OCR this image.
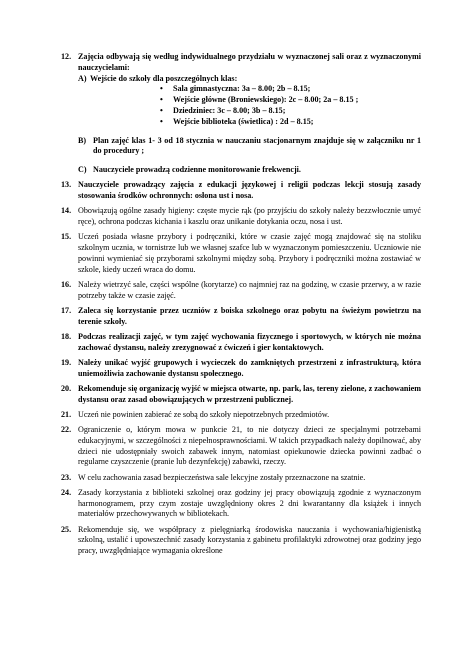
12. Zajęcia odbywają się według indywidualnego przydziału w wyznaczonej sali oraz z wyznaczonymi nauczycielami:
A) Wejście do szkoły dla poszczególnych klas:
• Sala gimnastyczna: 3a – 8.00; 2b – 8.15;
• Wejście główne (Broniewskiego): 2c – 8.00; 2a – 8.15 ;
• Dziedziniec: 3c – 8.00; 3b – 8.15;
• Wejście biblioteka (świetlica) : 2d – 8.15;
B) Plan zajęć klas 1- 3 od 18 stycznia w nauczaniu stacjonarnym znajduje się w załączniku nr 1 do procedury ;
C) Nauczyciele prowadzą codzienne monitorowanie frekwencji.
13. Nauczyciele prowadzący zajęcia z edukacji językowej i religii podczas lekcji stosują zasady stosowania środków ochronnych: osłona ust i nosa.
14. Obowiązują ogólne zasady higieny: częste mycie rąk (po przyjściu do szkoły należy bezzwłocznie umyć ręce), ochrona podczas kichania i kaszlu oraz unikanie dotykania oczu, nosa i ust.
15. Uczeń posiada własne przybory i podręczniki, które w czasie zajęć mogą znajdować się na stoliku szkolnym ucznia, w tornistrze lub we własnej szafce lub w wyznaczonym pomieszczeniu. Uczniowie nie powinni wymieniać się przyborami szkolnymi między sobą. Przybory i podręczniki można zostawiać w szkole, kiedy uczeń wraca do domu.
16. Należy wietrzyć sale, części wspólne (korytarze) co najmniej raz na godzinę, w czasie przerwy, a w razie potrzeby także w czasie zajęć.
17. Zaleca się korzystanie przez uczniów z boiska szkolnego oraz pobytu na świeżym powietrzu na terenie szkoły.
18. Podczas realizacji zajęć, w tym zajęć wychowania fizycznego i sportowych, w których nie można zachować dystansu, należy zrezygnować z ćwiczeń i gier kontaktowych.
19. Należy unikać wyjść grupowych i wycieczek do zamkniętych przestrzeni z infrastrukturą, która uniemożliwia zachowanie dystansu społecznego.
20. Rekomenduje się organizację wyjść w miejsca otwarte, np. park, las, tereny zielone, z zachowaniem dystansu oraz zasad obowiązujących w przestrzeni publicznej.
21. Uczeń nie powinien zabierać ze sobą do szkoły niepotrzebnych przedmiotów.
22. Ograniczenie o, którym mowa w punkcie 21, to nie dotyczy dzieci ze specjalnymi potrzebami edukacyjnymi, w szczególności z niepełnosprawnościami. W takich przypadkach należy dopilnować, aby dzieci nie udostępniały swoich zabawek innym, natomiast opiekunowie dziecka powinni zadbać o regularne czyszczenie (pranie lub dezynfekcję) zabawki, rzeczy.
23. W celu zachowania zasad bezpieczeństwa sale lekcyjne zostały przeznaczone na szatnie.
24. Zasady korzystania z biblioteki szkolnej oraz godziny jej pracy obowiązują zgodnie z wyznaczonym harmonogramem, przy czym zostaje uwzględniony okres 2 dni kwarantanny dla książek i innych materiałów przechowywanych w bibliotekach.
25. Rekomenduje się, we współpracy z pielęgniarką środowiska nauczania i wychowania/higienistką szkolną, ustalić i upowszechnić zasady korzystania z gabinetu profilaktyki zdrowotnej oraz godziny jego pracy, uwzględniające wymagania określone
